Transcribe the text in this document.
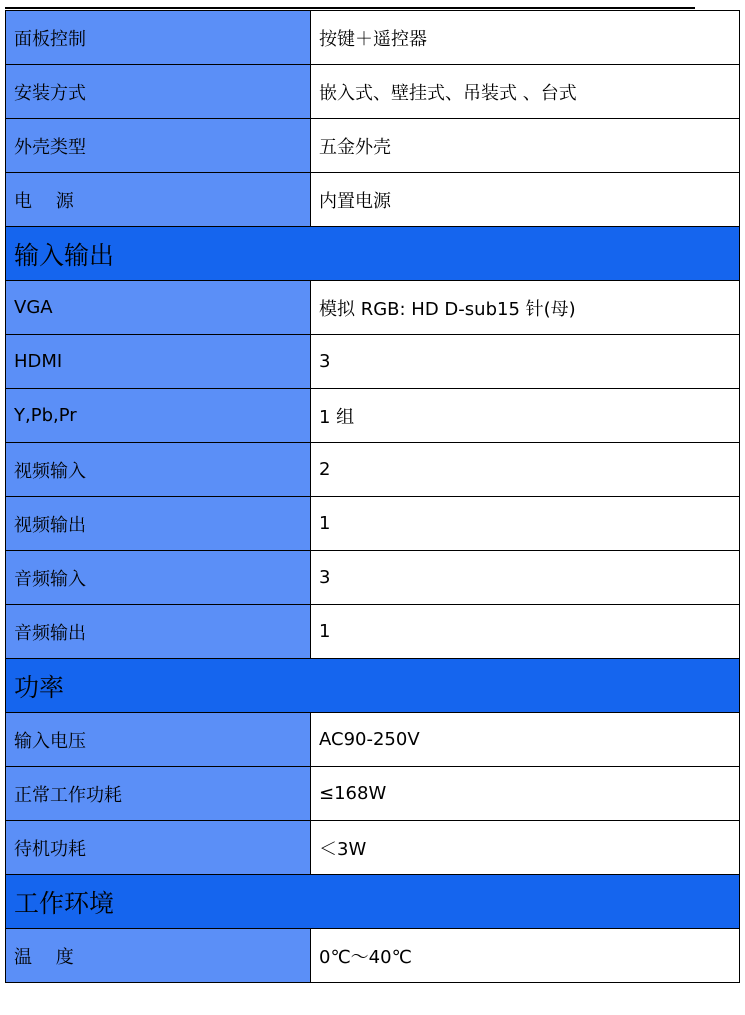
面板控制	按键＋遥控器
安装方式	嵌入式、壁挂式、吊装式 、台式
外壳类型	五金外壳
电　 源	内置电源
输入输出	
VGA	模拟 RGB: HD D-sub15 针(母)
HDMI	3
Y,Pb,Pr	1 组
视频输入	2
视频输出	1
音频输入	3
音频输出	1
功率	
输入电压	AC90-250V
正常工作功耗	≤168W
待机功耗	＜3W
工作环境	
温　 度	0℃～40℃
